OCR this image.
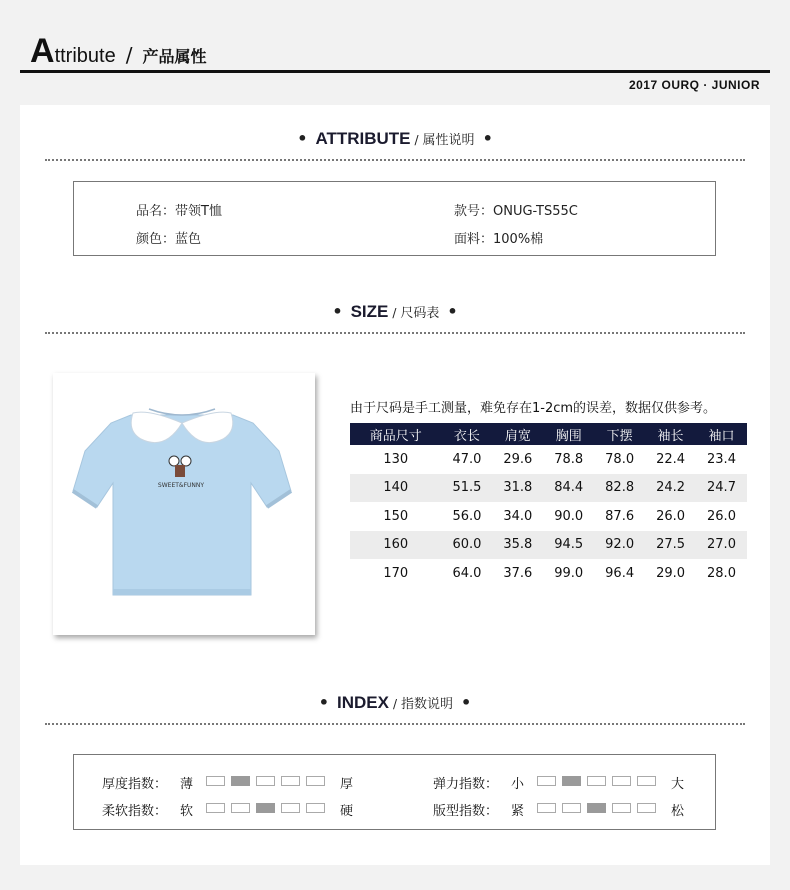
A ttribute / 产品属性
2017 OURQ · JUNIOR
• ATTRIBUTE / 属性说明 •
品名：带领T恤	款号：ONUG-TS55C
颜色：蓝色	面料：100%棉
• SIZE / 尺码表 •
SWEET&FUNNY
由于尺码是手工测量，难免存在1-2cm的误差，数据仅供参考。
商品尺寸	衣长	肩宽	胸围	下摆	袖长	袖口
130	47.0	29.6	78.8	78.0	22.4	23.4
140	51.5	31.8	84.4	82.8	24.2	24.7
150	56.0	34.0	90.0	87.6	26.0	26.0
160	60.0	35.8	94.5	92.0	27.5	27.0
170	64.0	37.6	99.0	96.4	29.0	28.0
• INDEX / 指数说明 •
厚度指数： 薄	厚	弹力指数： 小	大
柔软指数： 软	硬	版型指数： 紧	松
